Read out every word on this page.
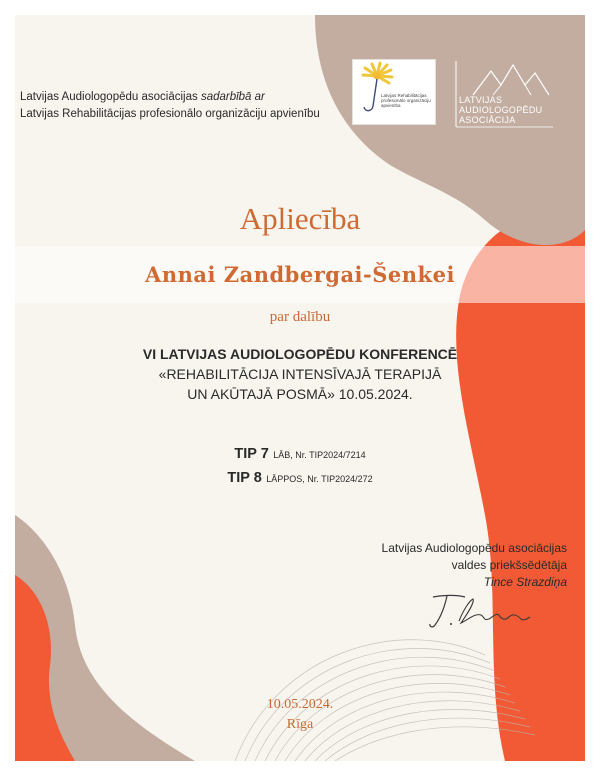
Latvijas Audiologopēdu asociācijas sadarbībā ar
Latvijas Rehabilitācijas profesionālo organizāciju apvienību
Latvijas Rehabilitācijas profesionālo organizāciju apvienība
LATVIJAS
AUDIOLOGOPĒDU
ASOCIĀCIJA
Apliecība
Annai Zandbergai-Šenkei
par dalību
VI LATVIJAS AUDIOLOGOPĒDU KONFERENCĒ
«REHABILITĀCIJA INTENSĪVAJĀ TERAPIJĀ
UN AKŪTAJĀ POSMĀ» 10.05.2024.
TIP 7 LĀB, Nr. TIP2024/7214
TIP 8 LĀPPOS, Nr. TIP2024/272
Latvijas Audiologopēdu asociācijas
valdes priekšsēdētāja
Tince Strazdiņa
10.05.2024.
Rīga
